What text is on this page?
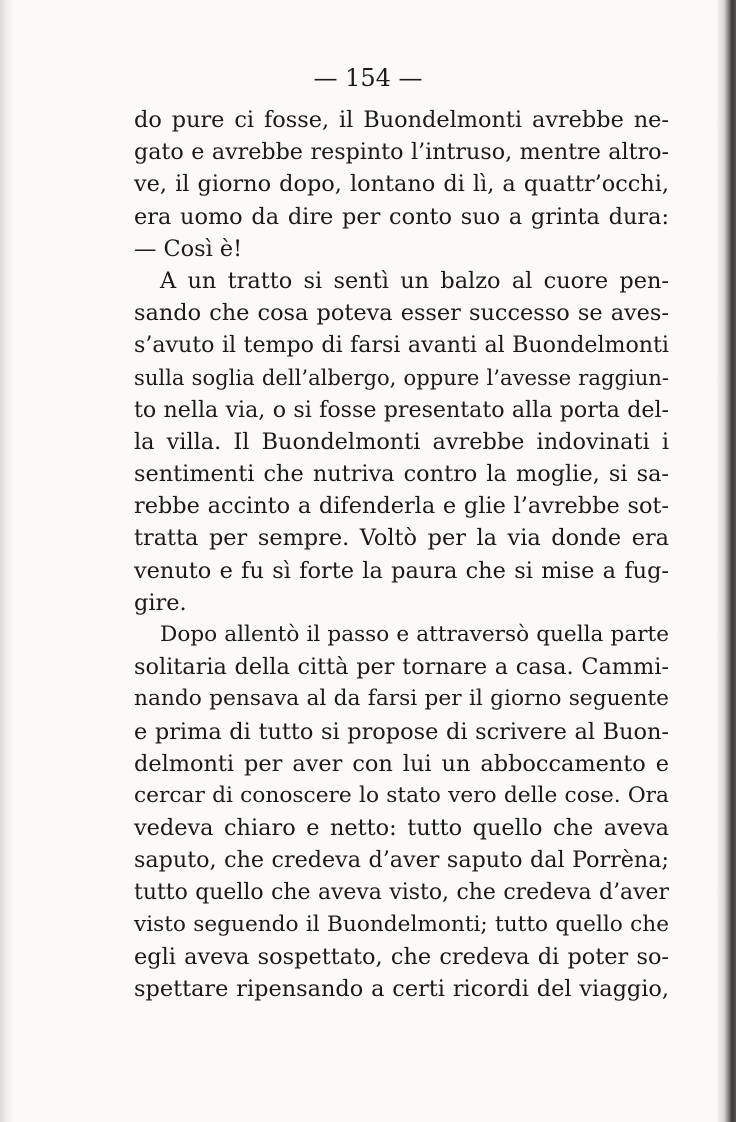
— 154 —

do pure ci fosse, il Buondelmonti avrebbe ne-
gato e avrebbe respinto l’intruso, mentre altro-
ve, il giorno dopo, lontano di lì, a quattr’occhi,
era uomo da dire per conto suo a grinta dura:
— Così è!
A un tratto si sentì un balzo al cuore pen-
sando che cosa poteva esser successo se aves-
s’avuto il tempo di farsi avanti al Buondelmonti
sulla soglia dell’albergo, oppure l’avesse raggiun-
to nella via, o si fosse presentato alla porta del-
la villa. Il Buondelmonti avrebbe indovinati i
sentimenti che nutriva contro la moglie, si sa-
rebbe accinto a difenderla e glie l’avrebbe sot-
tratta per sempre. Voltò per la via donde era
venuto e fu sì forte la paura che si mise a fug-
gire.
Dopo allentò il passo e attraversò quella parte
solitaria della città per tornare a casa. Cammi-
nando pensava al da farsi per il giorno seguente
e prima di tutto si propose di scrivere al Buon-
delmonti per aver con lui un abboccamento e
cercar di conoscere lo stato vero delle cose. Ora
vedeva chiaro e netto: tutto quello che aveva
saputo, che credeva d’aver saputo dal Porrèna;
tutto quello che aveva visto, che credeva d’aver
visto seguendo il Buondelmonti; tutto quello che
egli aveva sospettato, che credeva di poter so-
spettare ripensando a certi ricordi del viaggio,
